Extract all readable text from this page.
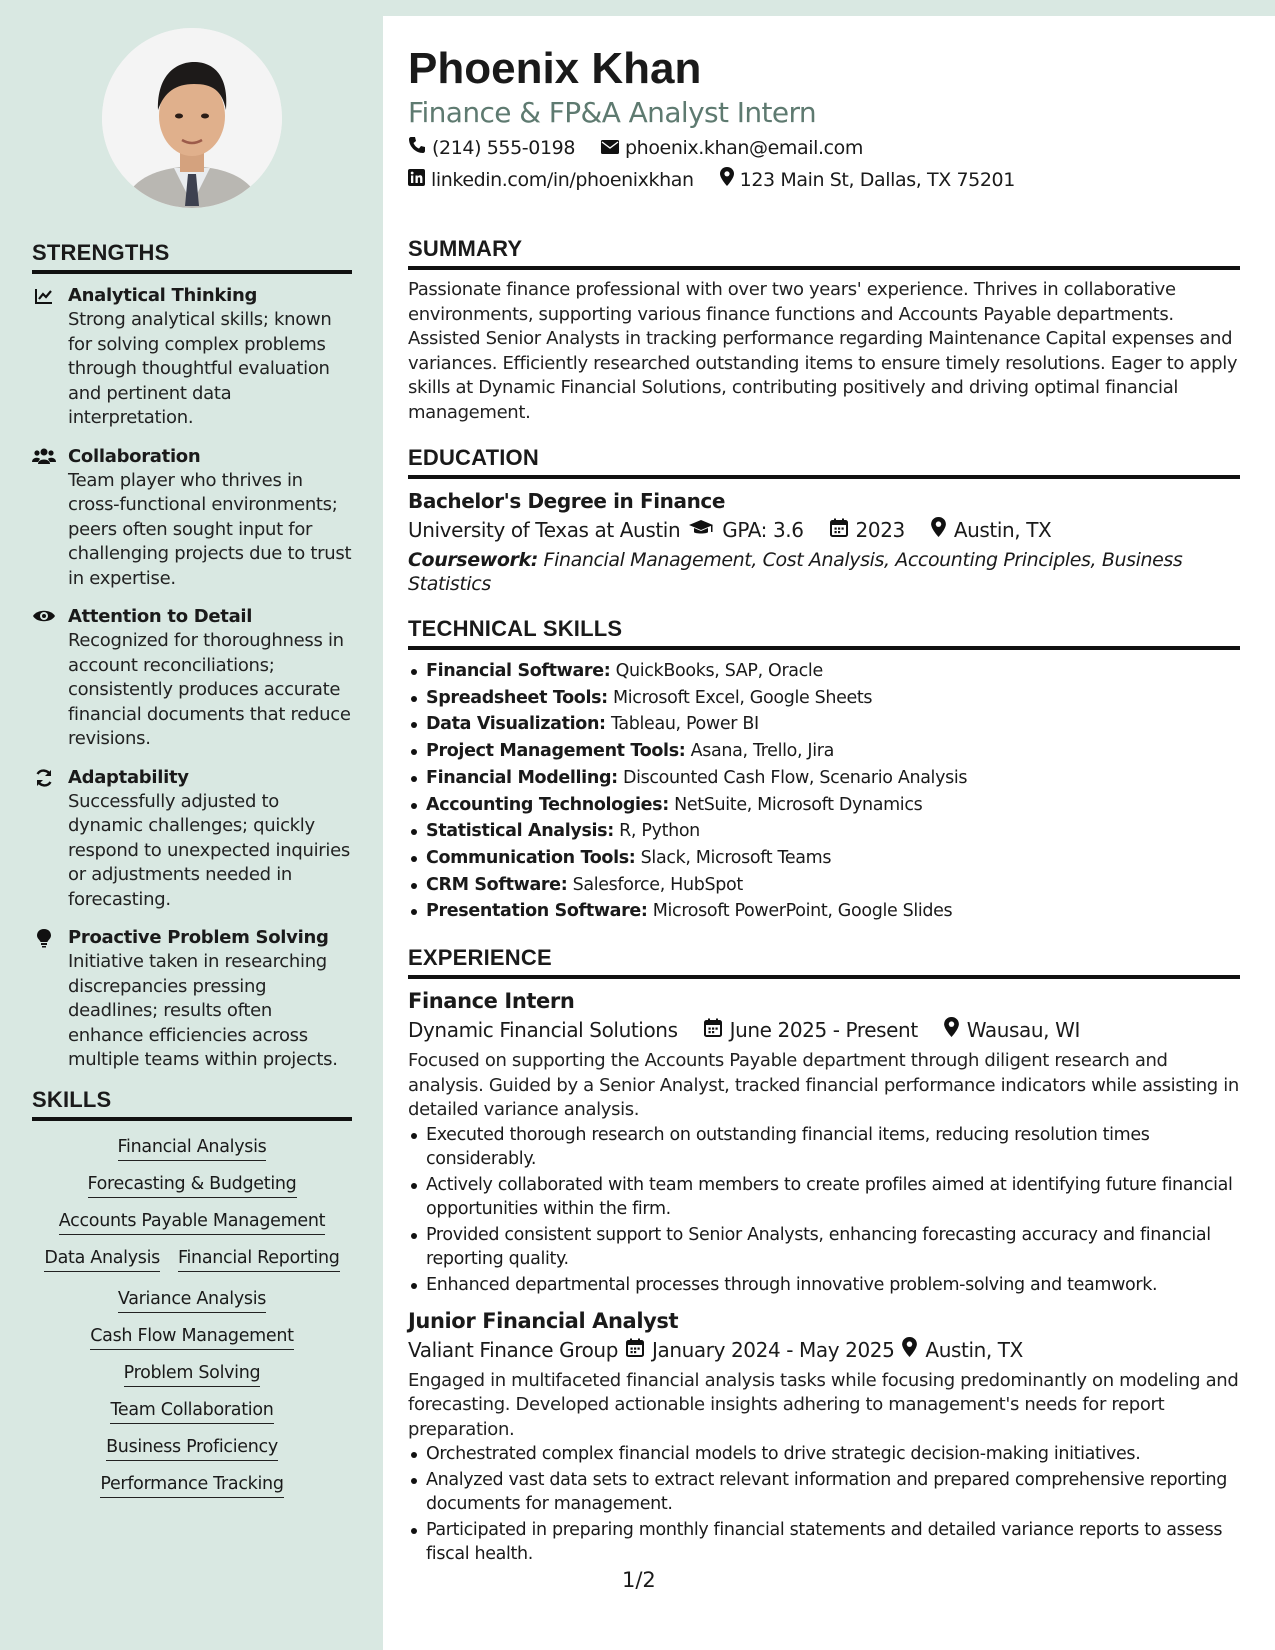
STRENGTHS
Analytical Thinking
Strong analytical skills; known for solving complex problems through thoughtful evaluation and pertinent data interpretation.
Collaboration
Team player who thrives in cross-functional environments; peers often sought input for challenging projects due to trust in expertise.
Attention to Detail
Recognized for thoroughness in account reconciliations; consistently produces accurate financial documents that reduce revisions.
Adaptability
Successfully adjusted to dynamic challenges; quickly respond to unexpected inquiries or adjustments needed in forecasting.
Proactive Problem Solving
Initiative taken in researching discrepancies pressing deadlines; results often enhance efficiencies across multiple teams within projects.
SKILLS
Financial Analysis
Forecasting & Budgeting
Accounts Payable Management
Data Analysis Financial Reporting
Variance Analysis
Cash Flow Management
Problem Solving
Team Collaboration
Business Proficiency
Performance Tracking
Phoenix Khan
Finance & FP&A Analyst Intern
(214) 555-0198	phoenix.khan@email.com
linkedin.com/in/phoenixkhan 123 Main St, Dallas, TX 75201
SUMMARY
Passionate finance professional with over two years' experience. Thrives in collaborative environments, supporting various finance functions and Accounts Payable departments. Assisted Senior Analysts in tracking performance regarding Maintenance Capital expenses and variances. Efficiently researched outstanding items to ensure timely resolutions. Eager to apply skills at Dynamic Financial Solutions, contributing positively and driving optimal financial management.
EDUCATION
Bachelor's Degree in Finance
University of Texas at Austin GPA: 3.6	2023 Austin, TX
Coursework: Financial Management, Cost Analysis, Accounting Principles, Business Statistics
TECHNICAL SKILLS
Financial Software: QuickBooks, SAP, Oracle
Spreadsheet Tools: Microsoft Excel, Google Sheets
Data Visualization: Tableau, Power BI
Project Management Tools: Asana, Trello, Jira
Financial Modelling: Discounted Cash Flow, Scenario Analysis
Accounting Technologies: NetSuite, Microsoft Dynamics
Statistical Analysis: R, Python
Communication Tools: Slack, Microsoft Teams
CRM Software: Salesforce, HubSpot
Presentation Software: Microsoft PowerPoint, Google Slides
EXPERIENCE
Finance Intern
Dynamic Financial Solutions	June 2025 - Present Wausau, WI
Focused on supporting the Accounts Payable department through diligent research and analysis. Guided by a Senior Analyst, tracked financial performance indicators while assisting in detailed variance analysis.
Executed thorough research on outstanding financial items, reducing resolution times considerably.
Actively collaborated with team members to create profiles aimed at identifying future financial opportunities within the firm.
Provided consistent support to Senior Analysts, enhancing forecasting accuracy and financial reporting quality.
Enhanced departmental processes through innovative problem-solving and teamwork.
Junior Financial Analyst
Valiant Finance Group January 2024 - May 2025 Austin, TX
Engaged in multifaceted financial analysis tasks while focusing predominantly on modeling and forecasting. Developed actionable insights adhering to management's needs for report preparation.
Orchestrated complex financial models to drive strategic decision-making initiatives.
Analyzed vast data sets to extract relevant information and prepared comprehensive reporting documents for management.
Participated in preparing monthly financial statements and detailed variance reports to assess fiscal health.
1/2
